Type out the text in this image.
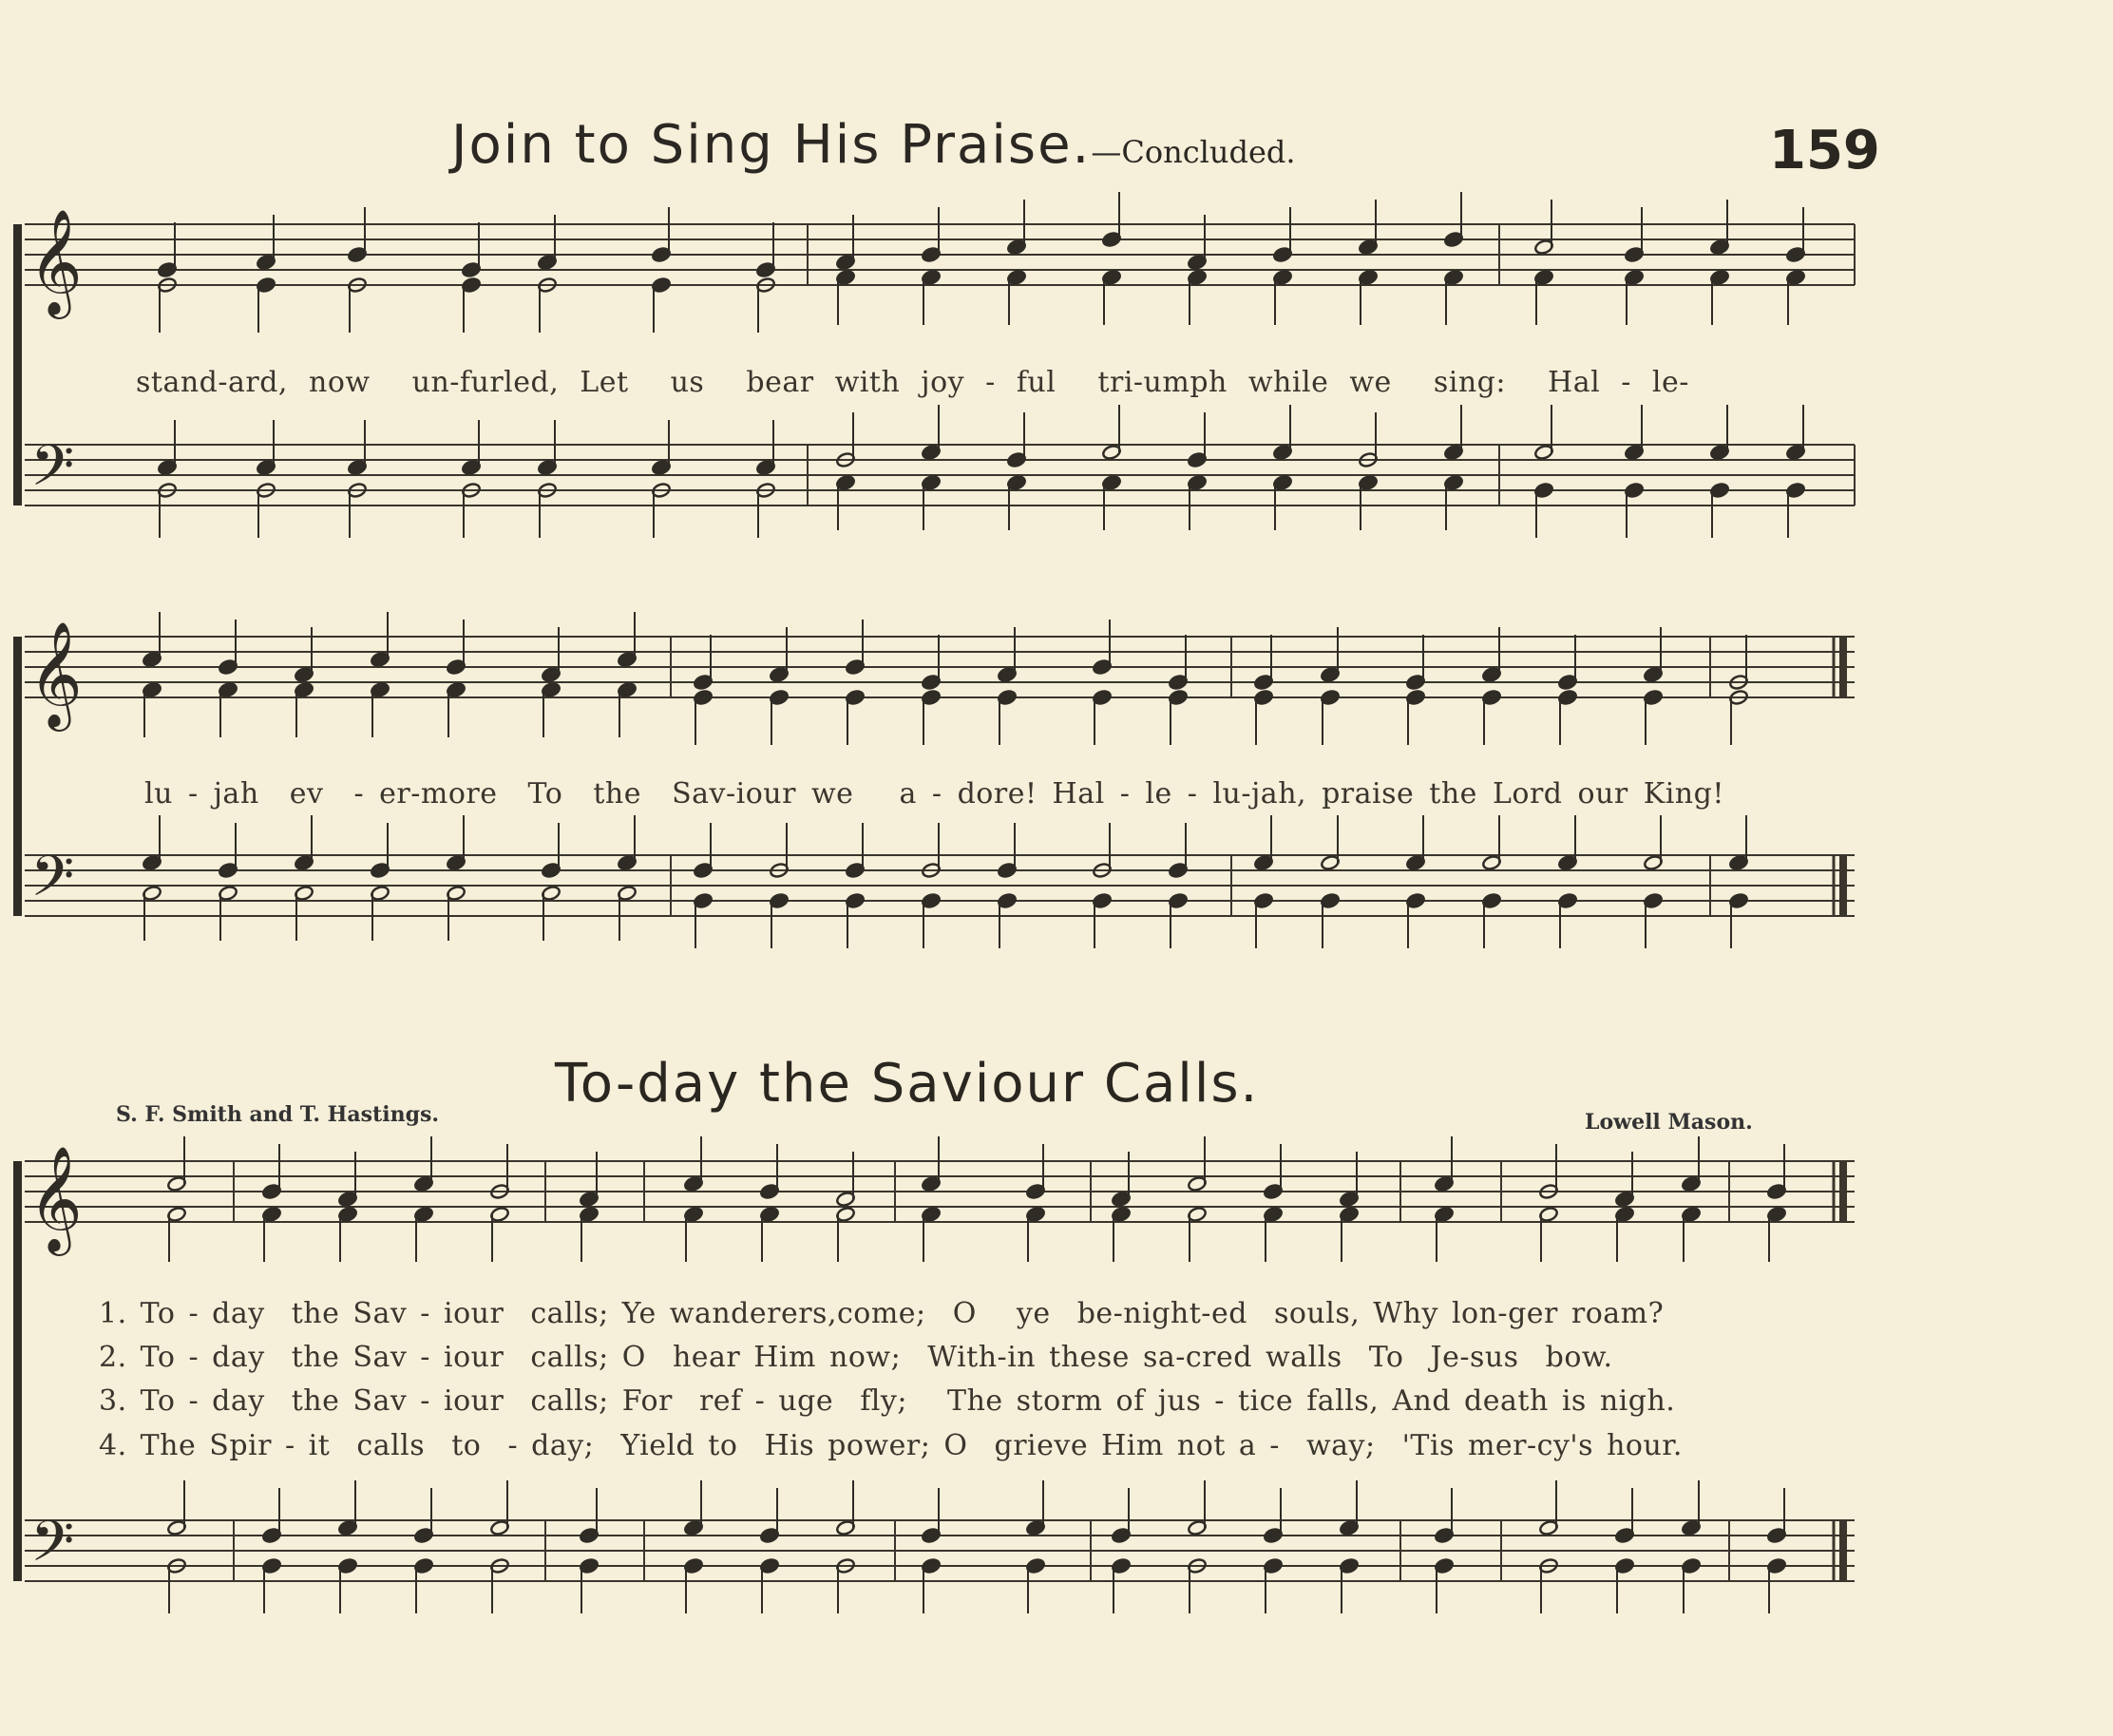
Join to Sing His Praise.—Concluded.	159
𝄞
𝄢
𝄞
𝄢
𝄞
𝄢
stand-ard, now  un-furled, Let  us  bear with joy - ful  tri-umph while we  sing:  Hal - le-
lu - jah  ev  - er-more  To  the  Sav-iour we   a - dore! Hal - le - lu-jah, praise the Lord our King!
To-day the Saviour Calls.
S. F. Smith and T. Hastings.	Lowell Mason.
1. To - day  the Sav - iour  calls; Ye wanderers,come;  O   ye  be-night-ed  souls, Why lon-ger roam?
2. To - day  the Sav - iour  calls; O  hear Him now;  With-in these sa-cred walls  To  Je-sus  bow.
3. To - day  the Sav - iour  calls; For  ref - uge  fly;   The storm of jus - tice falls, And death is nigh.
4. The Spir - it  calls  to  - day;  Yield to  His power; O  grieve Him not a -  way;  'Tis mer-cy's hour.
